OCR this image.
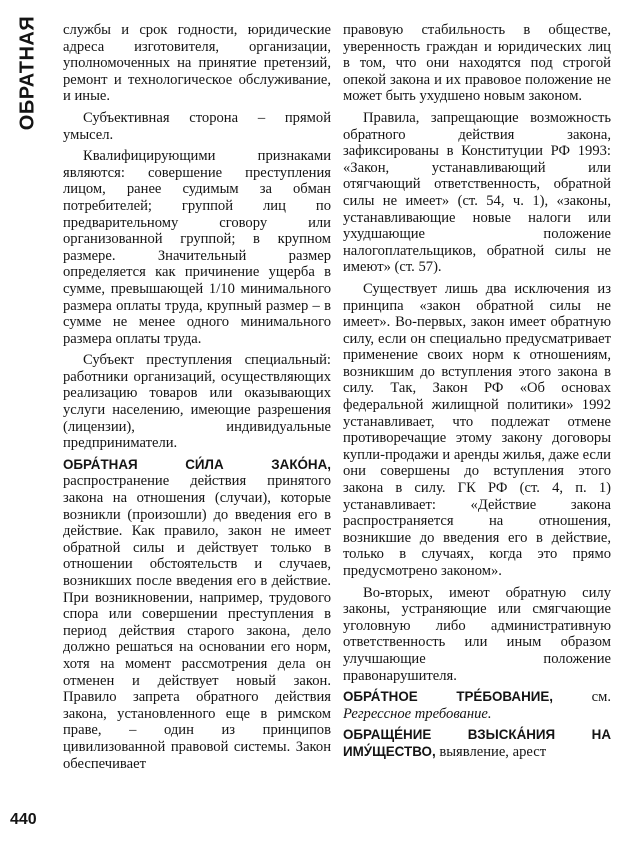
ОБРАТНАЯ службы и срок годности, юридические адреса изготовителя, организации, уполномоченных на принятие претензий, ремонт и технологическое обслуживание, и иные.

Субъективная сторона – прямой умысел.

Квалифицирующими признаками являются: совершение преступления лицом, ранее судимым за обман потребителей; группой лиц по предварительному сговору или организованной группой; в крупном размере. Значительный размер определяется как причинение ущерба в сумме, превышающей 1/10 минимального размера оплаты труда, крупный размер – в сумме не менее одного минимального размера оплаты труда.

Субъект преступления специальный: работники организаций, осуществляющих реализацию товаров или оказывающих услуги населению, имеющие разрешения (лицензии), индивидуальные предприниматели.

ОБРА́ТНАЯ СИ́ЛА ЗАКО́НА, распространение действия принятого закона на отношения (случаи), которые возникли (произошли) до введения его в действие. Как правило, закон не имеет обратной силы и действует только в отношении обстоятельств и случаев, возникших после введения его в действие. При возникновении, например, трудового спора или совершении преступления в период действия старого закона, дело должно решаться на основании его норм, хотя на момент рассмотрения дела он отменен и действует новый закон. Правило запрета обратного действия закона, установленного еще в римском праве, – один из принципов цивилизованной правовой системы. Закон обеспечивает

правовую стабильность в обществе, уверенность граждан и юридических лиц в том, что они находятся под строгой опекой закона и их правовое положение не может быть ухудшено новым законом.

Правила, запрещающие возможность обратного действия закона, зафиксированы в Конституции РФ 1993: «Закон, устанавливающий или отягчающий ответственность, обратной силы не имеет» (ст. 54, ч. 1), «законы, устанавливающие новые налоги или ухудшающие положение налогоплательщиков, обратной силы не имеют» (ст. 57).

Существует лишь два исключения из принципа «закон обратной силы не имеет». Во-первых, закон имеет обратную силу, если он специально предусматривает применение своих норм к отношениям, возникшим до вступления этого закона в силу. Так, Закон РФ «Об основах федеральной жилищной политики» 1992 устанавливает, что подлежат отмене противоречащие этому закону договоры купли-продажи и аренды жилья, даже если они совершены до вступления этого закона в силу. ГК РФ (ст. 4, п. 1) устанавливает: «Действие закона распространяется на отношения, возникшие до введения его в действие, только в случаях, когда это прямо предусмотрено законом».

Во-вторых, имеют обратную силу законы, устраняющие или смягчающие уголовную либо административную ответственность или иным образом улучшающие положение правонарушителя.

ОБРА́ТНОЕ ТРЕ́БОВАНИЕ,	см. Регрессное требование.

ОБРАЩЕ́НИЕ ВЗЫСКА́НИЯ НА ИМУ́ЩЕСТВО, выявление, арест

440
